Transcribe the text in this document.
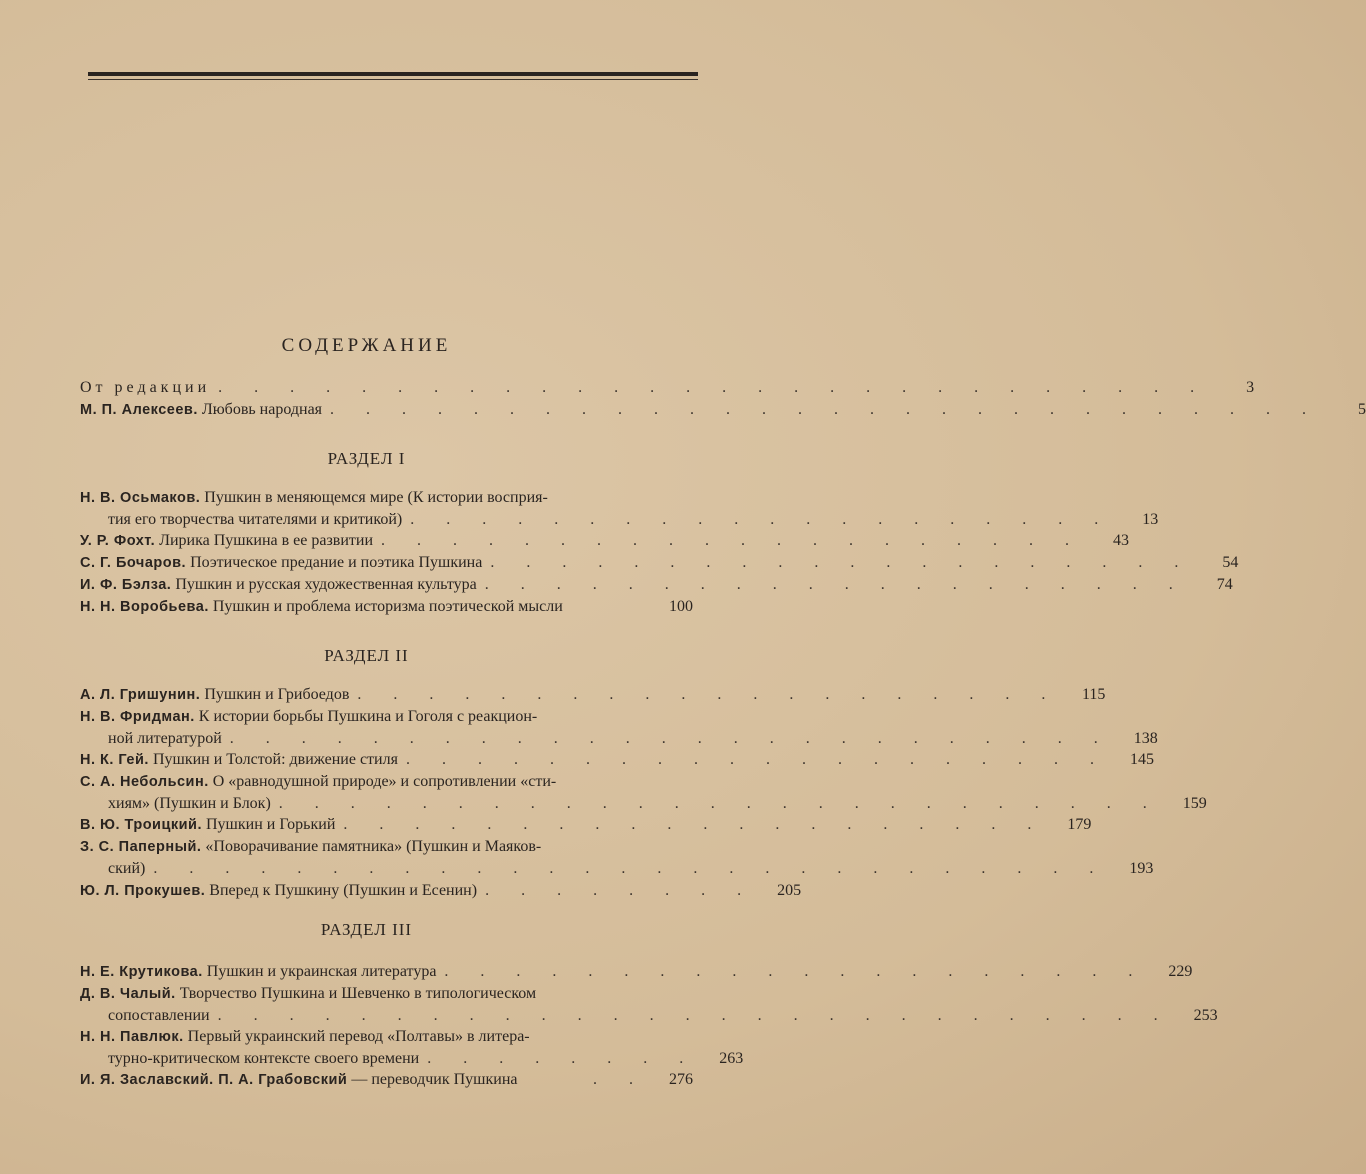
СОДЕРЖАНИЕ
От редакции . . . . . . . . . . . . . . . . . . . . . . . . . . . .	3
М. П. Алексеев. Любовь народная . . . . . . . . . . . . . . . . . . . . . . . . . . . .	5
РАЗДЕЛ I
Н. В. Осьмаков. Пушкин в меняющемся мире (К истории восприя-
тия его творчества читателями и критикой) . . . . . . . . . . . . . . . . . . . .	13
У. Р. Фохт. Лирика Пушкина в ее развитии . . . . . . . . . . . . . . . . . . . .	43
С. Г. Бочаров. Поэтическое предание и поэтика Пушкина . . . . . . . . . . . . . . . . . . . .	54
И. Ф. Бэлза. Пушкин и русская художественная культура . . . . . . . . . . . . . . . . . . . .	74
Н. Н. Воробьева. Пушкин и проблема историзма поэтической мысли	100
РАЗДЕЛ II
А. Л. Гришунин. Пушкин и Грибоедов . . . . . . . . . . . . . . . . . . . .	115
Н. В. Фридман. К истории борьбы Пушкина и Гоголя с реакцион-
ной литературой . . . . . . . . . . . . . . . . . . . . . . . . .	138
Н. К. Гей. Пушкин и Толстой: движение стиля . . . . . . . . . . . . . . . . . . . .	145
С. А. Небольсин. О «равнодушной природе» и сопротивлении «сти-
хиям» (Пушкин и Блок) . . . . . . . . . . . . . . . . . . . . . . . . .	159
В. Ю. Троицкий. Пушкин и Горький . . . . . . . . . . . . . . . . . . . .	179
З. С. Паперный. «Поворачивание памятника» (Пушкин и Маяков-
ский) . . . . . . . . . . . . . . . . . . . . . . . . . . .	193
Ю. Л. Прокушев. Вперед к Пушкину (Пушкин и Есенин) . . . . . . . .	205
РАЗДЕЛ III
Н. Е. Крутикова. Пушкин и украинская литература . . . . . . . . . . . . . . . . . . . .	229
Д. В. Чалый. Творчество Пушкина и Шевченко в типологическом
сопоставлении . . . . . . . . . . . . . . . . . . . . . . . . . . .	253
Н. Н. Павлюк. Первый украинский перевод «Полтавы» в литера-
турно-критическом контексте своего времени . . . . . . . .	263
И. Я. Заславский. П. А. Грабовский — переводчик Пушкина	. .	276
